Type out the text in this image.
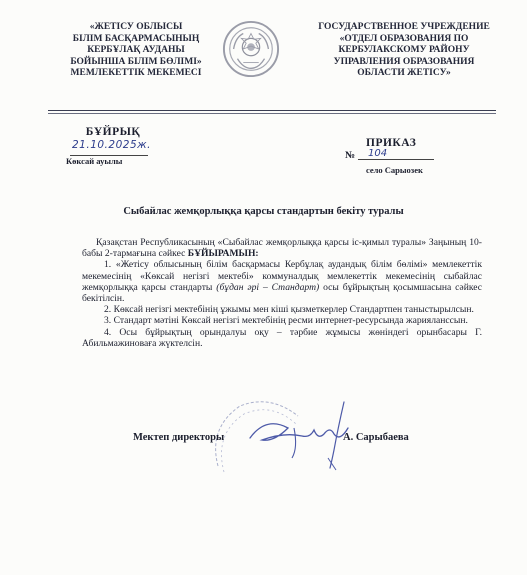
«ЖЕТІСУ ОБЛЫСЫ
БІЛІМ БАСҚАРМАСЫНЫҢ
КЕРБҰЛАҚ АУДАНЫ
БОЙЫНША БІЛІМ БӨЛІМІ»
МЕМЛЕКЕТТІК МЕКЕМЕСІ
ГОСУДАРСТВЕННОЕ УЧРЕЖДЕНИЕ
«ОТДЕЛ ОБРАЗОВАНИЯ ПО
КЕРБУЛАКСКОМУ РАЙОНУ
УПРАВЛЕНИЯ ОБРАЗОВАНИЯ
ОБЛАСТИ ЖЕТІСУ»
БҰЙРЫҚ
21.10.2025ж.
Көксай ауылы
ПРИКАЗ
№ 104
село Сарыозек
Сыбайлас жемқорлыққа қарсы стандартын бекіту туралы

Қазақстан Республикасының «Сыбайлас жемқорлыққа қарсы іс-қимыл туралы» Заңының 10-бабы 2-тармағына сәйкес БҰЙЫРАМЫН:

1. «Жетісу облысының білім басқармасы Кербұлақ аудандық білім бөлімі» мемлекеттік мекемесінің «Көксай негізгі мектебі» коммуналдық мемлекеттік мекемесінің сыбайлас жемқорлыққа қарсы стандарты (бұдан әрі – Стандарт) осы бұйрықтың қосымшасына сәйкес бекітілсін.

2. Көксай негізгі мектебінің ұжымы мен кіші қызметкерлер Стандартпен таныстырылсын.

3. Стандарт мәтіні Көксай негізгі мектебінің ресми интернет-ресурсында жарияланссын.

4. Осы бұйрықтың орындалуы оқу – тәрбие жұмысы жөніндегі орынбасары Г. Абильмажиноваға жүктелсін.

Мектеп директоры	А. Сарыбаева
